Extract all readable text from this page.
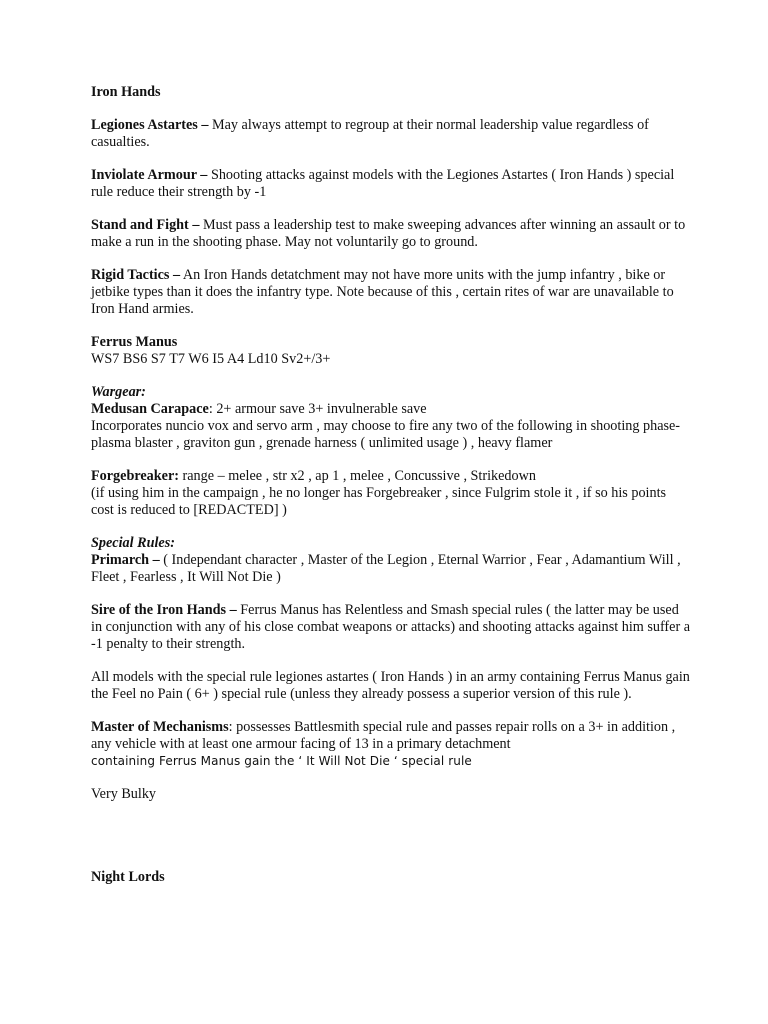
Iron Hands

Legiones Astartes – May always attempt to regroup at their normal leadership value regardless of casualties.

Inviolate Armour – Shooting attacks against models with the Legiones Astartes ( Iron Hands ) special rule reduce their strength by -1

Stand and Fight – Must pass a leadership test to make sweeping advances after winning an assault or to make a run in the shooting phase. May not voluntarily go to ground.

Rigid Tactics – An Iron Hands detatchment may not have more units with the jump infantry , bike or jetbike types than it does the infantry type. Note because of this , certain rites of war are unavailable to Iron Hand armies.

Ferrus Manus
WS7 BS6 S7 T7 W6 I5 A4 Ld10 Sv2+/3+

Wargear:
Medusan Carapace: 2+ armour save 3+ invulnerable save
Incorporates nuncio vox and servo arm , may choose to fire any two of the following in shooting phase-
plasma blaster , graviton gun , grenade harness ( unlimited usage ) , heavy flamer

Forgebreaker: range – melee , str x2 , ap 1 , melee , Concussive , Strikedown
(if using him in the campaign , he no longer has Forgebreaker , since Fulgrim stole it , if so his points cost is reduced to [REDACTED] )

Special Rules:
Primarch – ( Independant character , Master of the Legion , Eternal Warrior , Fear , Adamantium Will , Fleet , Fearless , It Will Not Die )

Sire of the Iron Hands – Ferrus Manus has Relentless and Smash special rules ( the latter may be used in conjunction with any of his close combat weapons or attacks) and shooting attacks against him suffer a -1 penalty to their strength.

All models with the special rule legiones astartes ( Iron Hands ) in an army containing Ferrus Manus gain the Feel no Pain ( 6+ ) special rule (unless they already possess a superior version of this rule ).

Master of Mechanisms: possesses Battlesmith special rule and passes repair rolls on a 3+ in addition , any vehicle with at least one armour facing of 13 in a primary detachment
containing Ferrus Manus gain the ‘ It Will Not Die ‘ special rule

Very Bulky

Night Lords
